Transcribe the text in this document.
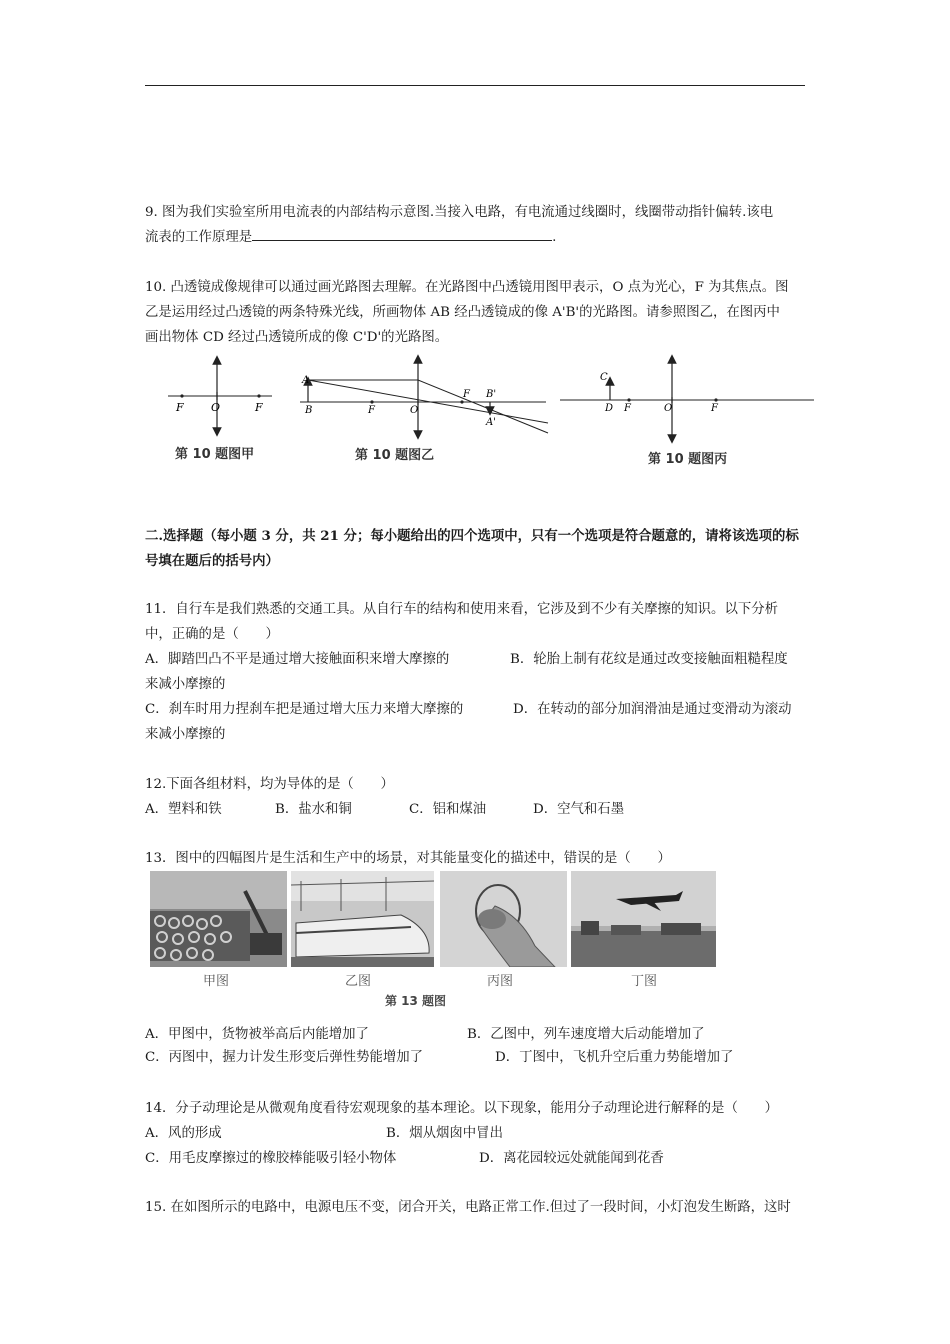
9. 图为我们实验室所用电流表的内部结构示意图.当接入电路，有电流通过线圈时，线圈带动指针偏转.该电
流表的工作原理是	.
10. 凸透镜成像规律可以通过画光路图去理解。在光路图中凸透镜用图甲表示，O 点为光心，F 为其焦点。图
乙是运用经过凸透镜的两条特殊光线，所画物体 AB 经凸透镜成的像 A'B'的光路图。请参照图乙，在图丙中
画出物体 CD 经过凸透镜所成的像 C'D'的光路图。
F O	F
第 10 题图甲
A
B	F	O
F B'
A'
第 10 题图乙
C
D F	O	F
第 10 题图丙
二.选择题（每小题 3 分，共 21 分；每小题给出的四个选项中，只有一个选项是符合题意的，请将该选项的标
号填在题后的括号内）
11．自行车是我们熟悉的交通工具。从自行车的结构和使用来看，它涉及到不少有关摩擦的知识。以下分析
中，正确的是（　　）
A．脚踏凹凸不平是通过增大接触面积来增大摩擦的	B．轮胎上制有花纹是通过改变接触面粗糙程度
来减小摩擦的
C．刹车时用力捏刹车把是通过增大压力来增大摩擦的	D．在转动的部分加润滑油是通过变滑动为滚动
来减小摩擦的
12.下面各组材料，均为导体的是（　　）
A．塑料和铁	B．盐水和铜	C．铝和煤油	D．空气和石墨
13．图中的四幅图片是生活和生产中的场景，对其能量变化的描述中，错误的是（　　）
甲图	乙图	丙图	丁图
第 13 题图
A．甲图中，货物被举高后内能增加了	B．乙图中，列车速度增大后动能增加了
C．丙图中，握力计发生形变后弹性势能增加了	D．丁图中，飞机升空后重力势能增加了
14．分子动理论是从微观角度看待宏观现象的基本理论。以下现象，能用分子动理论进行解释的是（　　）
A．风的形成	B．烟从烟囱中冒出
C．用毛皮摩擦过的橡胶棒能吸引轻小物体	D．离花园较远处就能闻到花香
15. 在如图所示的电路中，电源电压不变，闭合开关，电路正常工作.但过了一段时间，小灯泡发生断路，这时
